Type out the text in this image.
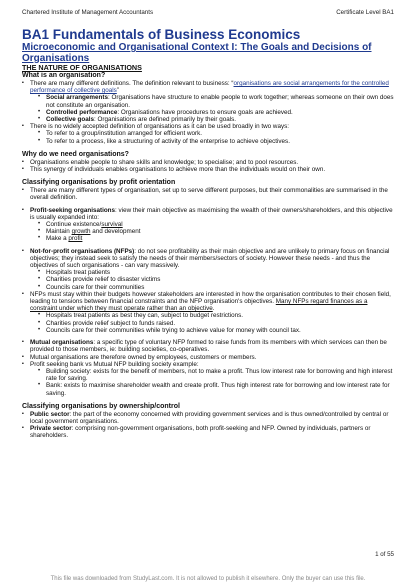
Chartered Institute of Management Accountants	Certificate Level BA1
BA1 Fundamentals of Business Economics
Microeconomic and Organisational Context I: The Goals and Decisions of Organisations
THE NATURE OF ORGANISATIONS
What is an organisation?
▪ There are many different definitions. The definition relevant to business: “organisations are social arrangements for the controlled performance of collective goals”
• Social arrangements: Organisations have structure to enable people to work together; whereas someone on their own does not constitute an organisation.
• Controlled performance: Organisations have procedures to ensure goals are achieved.
• Collective goals: Organisations are defined primarily by their goals.
▪ There is no widely accepted definition of organisations as it can be used broadly in two ways:
• To refer to a group/institution arranged for efficient work.
• To refer to a process, like a structuring of activity of the enterprise to achieve objectives.
Why do we need organisations?
▪ Organisations enable people to share skills and knowledge; to specialise; and to pool resources.
▪ This synergy of individuals enables organisations to achieve more than the individuals would on their own.
Classifying organisations by profit orientation
▪ There are many different types of organisation, set up to serve different purposes, but their commonalities are summarised in the overall definition.
▪ Profit-seeking organisations: view their main objective as maximising the wealth of their owners/shareholders, and this objective is usually expanded into:
• Continue existence/survival
• Maintain growth and development
• Make a profit
▪ Not-for-profit organisations (NFPs): do not see profitability as their main objective and are unlikely to primary focus on financial objectives; they instead seek to satisfy the needs of their members/sectors of society. However these needs - and thus the objectives of such organisations - can vary massively.
• Hospitals treat patients
• Charities provide relief to disaster victims
• Councils care for their communities
▪ NFPs must stay within their budgets however stakeholders are interested in how the organisation contributes to their chosen field, leading to tensions between financial constraints and the NFP organisation's objectives. Many NFPs regard finances as a constraint under which they must operate rather than an objective.
• Hospitals treat patients as best they can, subject to budget restrictions.
• Charities provide relief subject to funds raised.
• Councils care for their communities while trying to achieve value for money with council tax.
▪ Mutual organisations: a specific type of voluntary NFP formed to raise funds from its members with which services can then be provided to those members, ie: building societies, co-operatives.
▪ Mutual organisations are therefore owned by employees, customers or members.
▪ Profit seeking bank vs Mutual NFP building society example:
• Building society: exists for the benefit of members, not to make a profit. Thus low interest rate for borrowing and high interest rate for saving.
• Bank: exists to maximise shareholder wealth and create profit. Thus high interest rate for borrowing and low interest rate for saving.
Classifying organisations by ownership/control
▪ Public sector: the part of the economy concerned with providing government services and is thus owned/controlled by central or local government organisations.
▪ Private sector: comprising non-government organisations, both profit-seeking and NFP. Owned by individuals, partners or shareholders.
1 of 55
This file was downloaded from StudyLast.com. It is not allowed to publish it elsewhere. Only the buyer can use this file.
